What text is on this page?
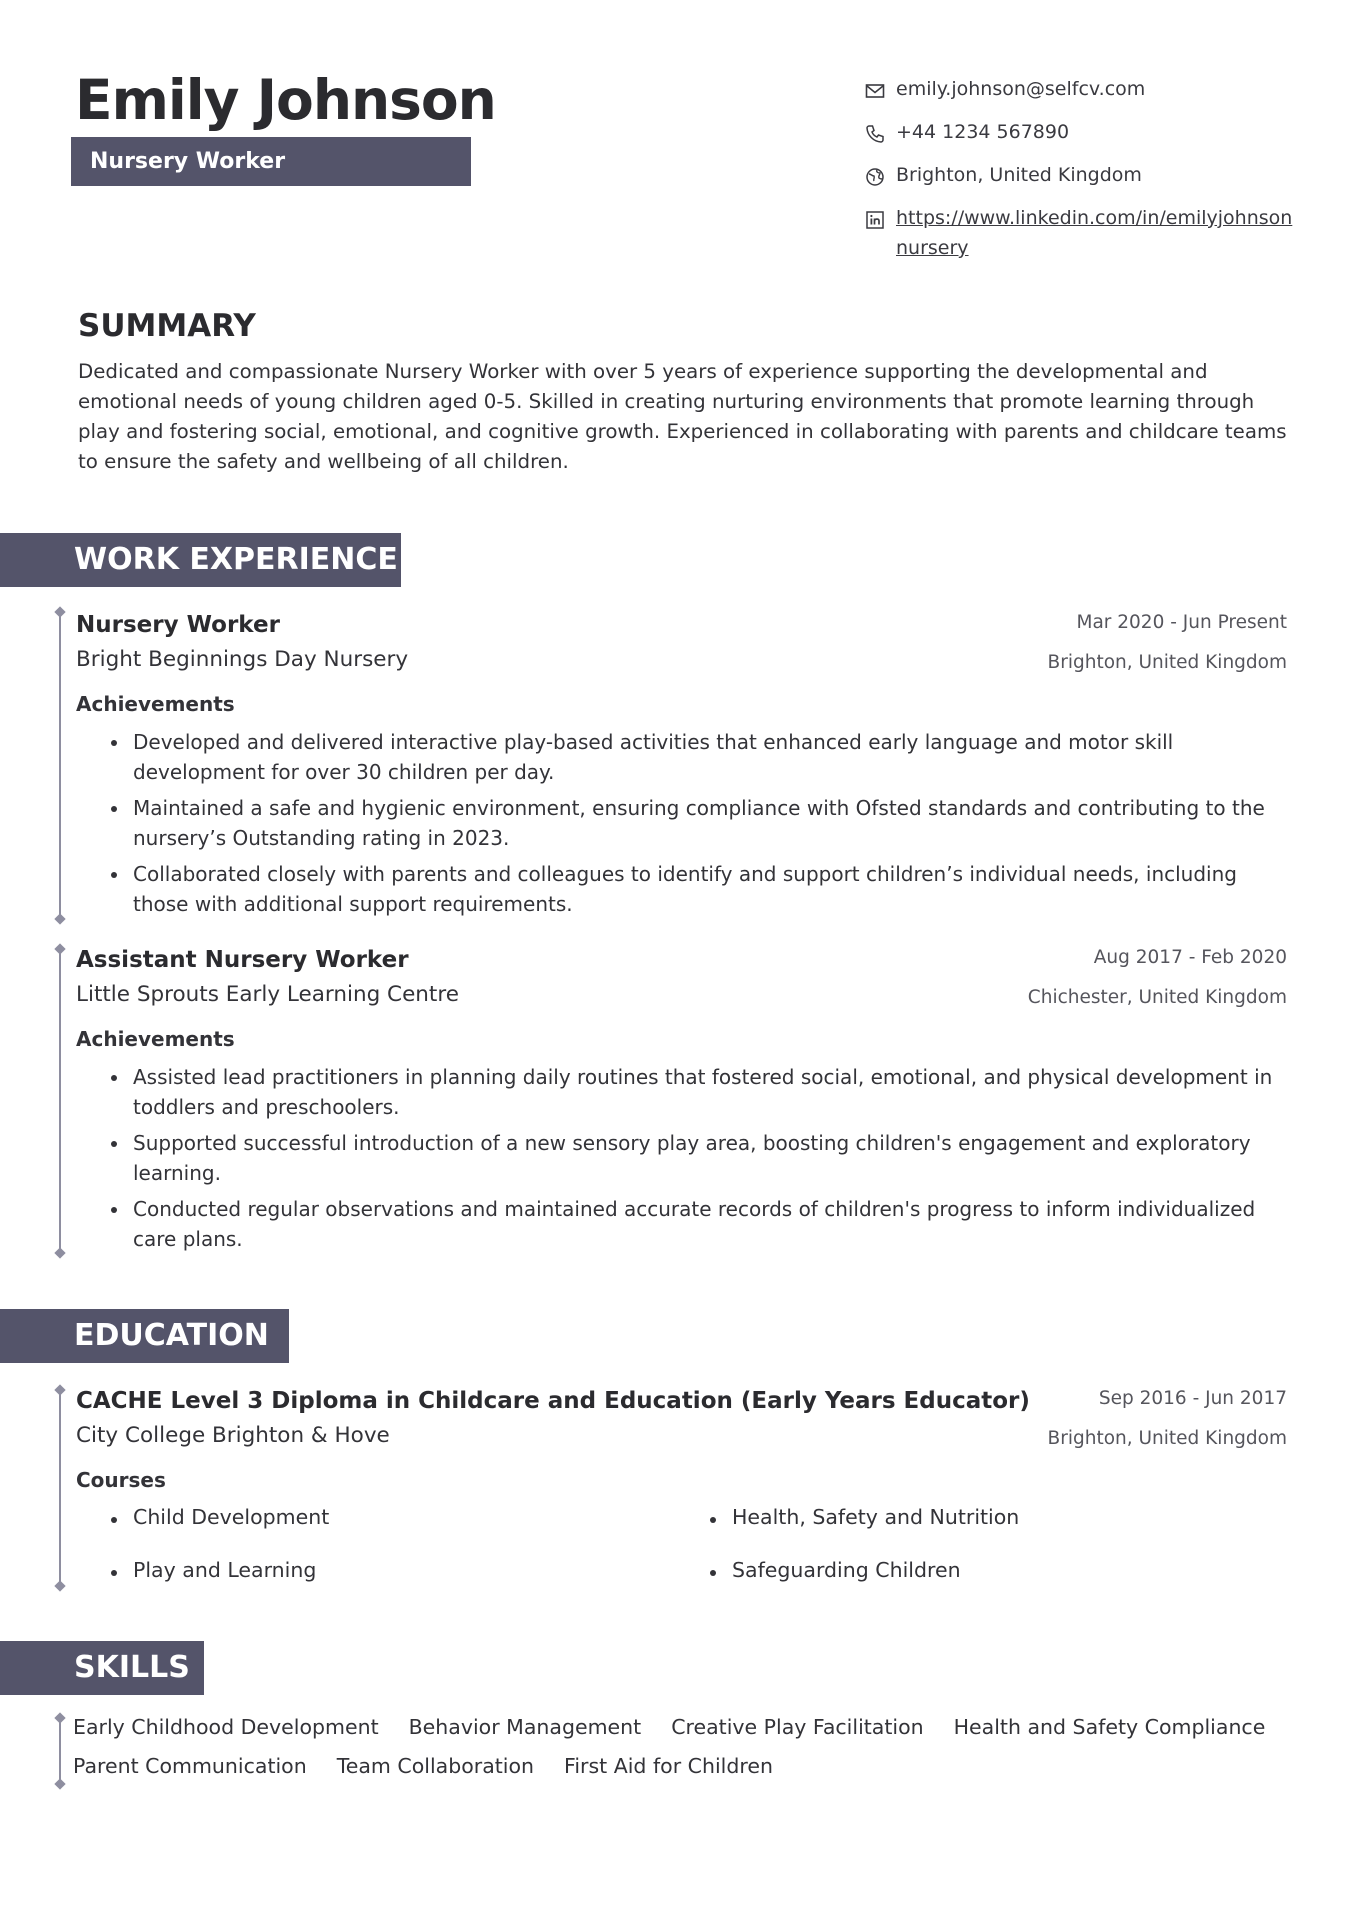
Emily Johnson
Nursery Worker
emily.johnson@selfcv.com
+44 1234 567890
Brighton, United Kingdom
https://www.linkedin.com/in/emilyjohnson
nursery
SUMMARY
Dedicated and compassionate Nursery Worker with over 5 years of experience supporting the developmental and emotional needs of young children aged 0-5. Skilled in creating nurturing environments that promote learning through play and fostering social, emotional, and cognitive growth. Experienced in collaborating with parents and childcare teams to ensure the safety and wellbeing of all children.
WORK EXPERIENCE
Nursery Worker	Mar 2020 - Jun Present
Bright Beginnings Day Nursery	Brighton, United Kingdom
Achievements
Developed and delivered interactive play-based activities that enhanced early language and motor skill development for over 30 children per day.
Maintained a safe and hygienic environment, ensuring compliance with Ofsted standards and contributing to the nursery’s Outstanding rating in 2023.
Collaborated closely with parents and colleagues to identify and support children’s individual needs, including those with additional support requirements.
Assistant Nursery Worker	Aug 2017 - Feb 2020
Little Sprouts Early Learning Centre	Chichester, United Kingdom
Achievements
Assisted lead practitioners in planning daily routines that fostered social, emotional, and physical development in toddlers and preschoolers.
Supported successful introduction of a new sensory play area, boosting children's engagement and exploratory learning.
Conducted regular observations and maintained accurate records of children's progress to inform individualized care plans.
EDUCATION
CACHE Level 3 Diploma in Childcare and Education (Early Years Educator)	Sep 2016 - Jun 2017
City College Brighton & Hove	Brighton, United Kingdom
Courses
Child Development	Health, Safety and Nutrition
Play and Learning	Safeguarding Children
SKILLS
Early Childhood Development Behavior Management Creative Play Facilitation Health and Safety Compliance
Parent Communication Team Collaboration First Aid for Children
